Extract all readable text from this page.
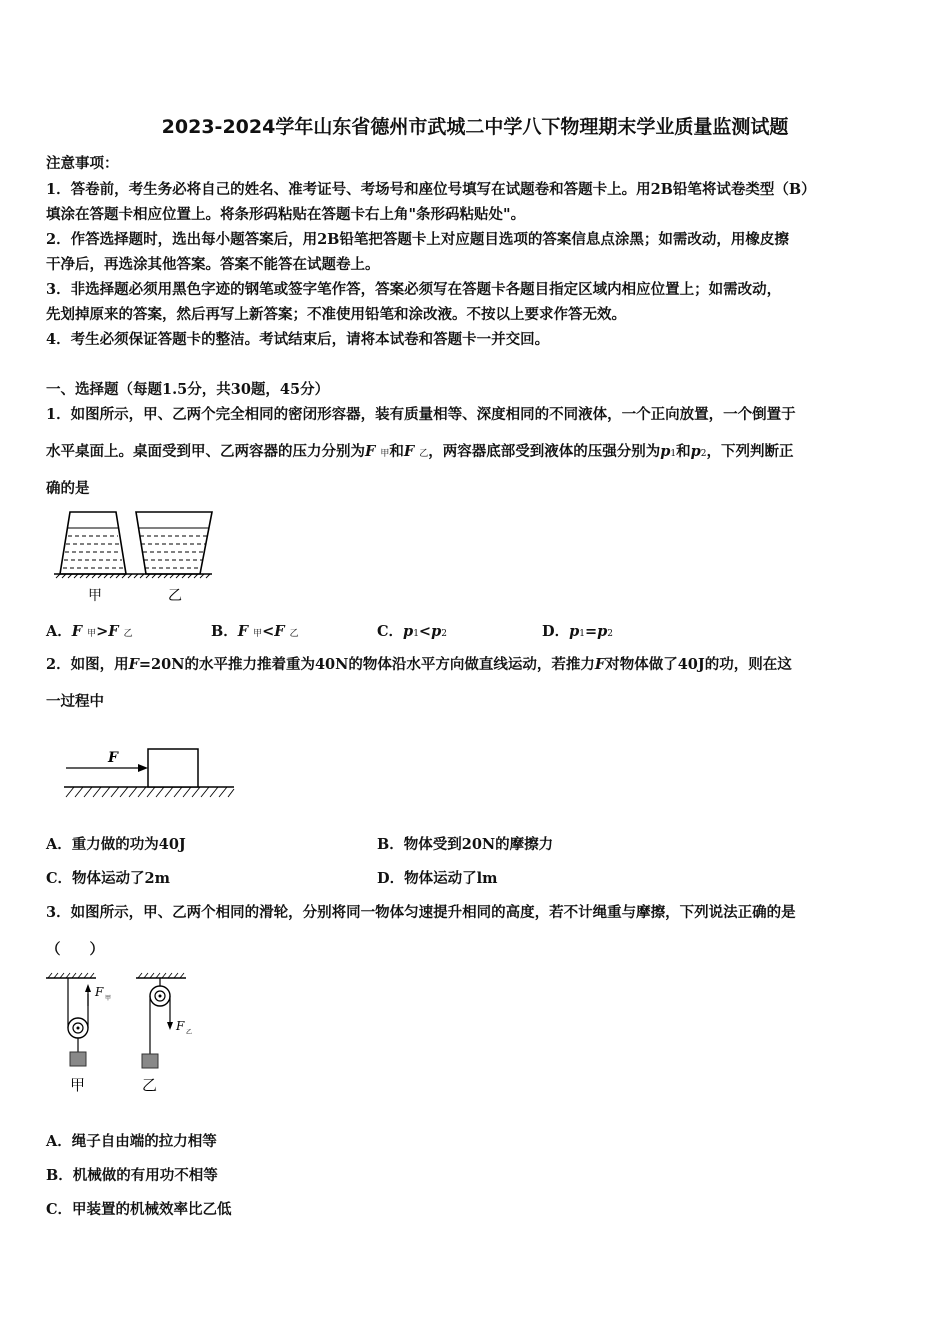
2023-2024学年山东省德州市武城二中学八下物理期末学业质量监测试题
注意事项：
1．答卷前，考生务必将自己的姓名、准考证号、考场号和座位号填写在试题卷和答题卡上。用2B铅笔将试卷类型（B）
填涂在答题卡相应位置上。将条形码粘贴在答题卡右上角"条形码粘贴处"。
2．作答选择题时，选出每小题答案后，用2B铅笔把答题卡上对应题目选项的答案信息点涂黑；如需改动，用橡皮擦
干净后，再选涂其他答案。答案不能答在试题卷上。
3．非选择题必须用黑色字迹的钢笔或签字笔作答，答案必须写在答题卡各题目指定区域内相应位置上；如需改动，
先划掉原来的答案，然后再写上新答案；不准使用铅笔和涂改液。不按以上要求作答无效。
4．考生必须保证答题卡的整洁。考试结束后，请将本试卷和答题卡一并交回。
一、选择题（每题1.5分，共30题，45分）
1．如图所示，甲、乙两个完全相同的密闭形容器，装有质量相等、深度相同的不同液体，一个正向放置，一个倒置于
水平桌面上。桌面受到甲、乙两容器的压力分别为F 甲和F 乙，两容器底部受到液体的压强分别为p1和p2，下列判断正
确的是
甲	乙
A．F 甲>F 乙	B．F 甲<F 乙	C．p1<p2	D．p1=p2
2．如图，用F=20N的水平推力推着重为40N的物体沿水平方向做直线运动，若推力F对物体做了40J的功，则在这
一过程中
F
A．重力做的功为40J	B．物体受到20N的摩擦力
C．物体运动了2m	D．物体运动了lm
3．如图所示，甲、乙两个相同的滑轮，分别将同一物体匀速提升相同的高度，若不计绳重与摩擦，下列说法正确的是
（　　）
F 甲
F 乙
甲	乙
A．绳子自由端的拉力相等
B．机械做的有用功不相等
C．甲装置的机械效率比乙低
